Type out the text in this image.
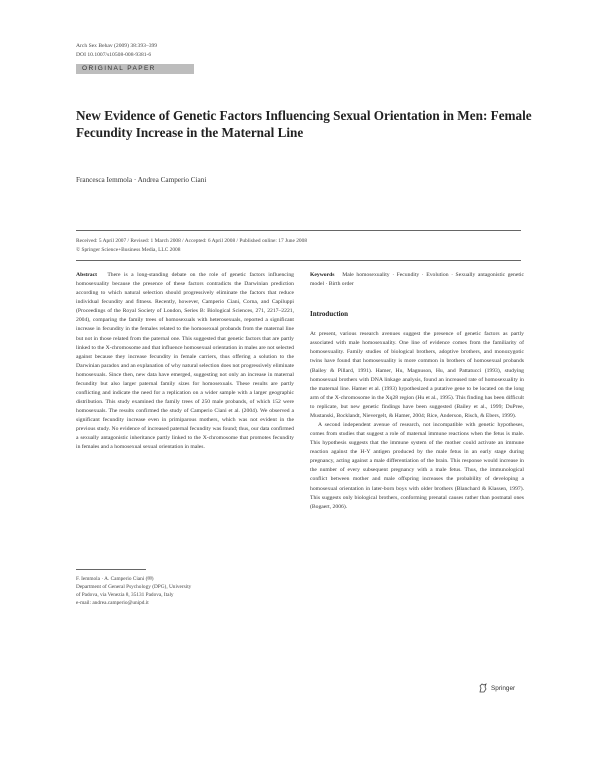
Arch Sex Behav (2009) 38:393–399
DOI 10.1007/s10508-008-9381-6
ORIGINAL PAPER
New Evidence of Genetic Factors Influencing Sexual Orientation in Men: Female Fecundity Increase in the Maternal Line
Francesca Iemmola · Andrea Camperio Ciani
Received: 5 April 2007 / Revised: 1 March 2008 / Accepted: 6 April 2008 / Published online: 17 June 2008
© Springer Science+Business Media, LLC 2008

Abstract There is a long-standing debate on the role of genetic factors influencing homosexuality because the presence of these factors contradicts the Darwinian prediction according to which natural selection should progressively eliminate the factors that reduce individual fecundity and fitness. Recently, however, Camperio Ciani, Corna, and Capiluppi (Proceedings of the Royal Society of London, Series B: Biological Sciences, 271, 2217–2221, 2004), comparing the family trees of homosexuals with heterosexuals, reported a significant increase in fecundity in the females related to the homosexual probands from the maternal line but not in those related from the paternal one. This suggested that genetic factors that are partly linked to the X-chromosome and that influence homosexual orientation in males are not selected against because they increase fecundity in female carriers, thus offering a solution to the Darwinian paradox and an explanation of why natural selection does not progressively eliminate homosexuals. Since then, new data have emerged, suggesting not only an increase in maternal fecundity but also larger paternal family sizes for homosexuals. These results are partly conflicting and indicate the need for a replication on a wider sample with a larger geographic distribution. This study examined the family trees of 250 male probands, of which 152 were homosexuals. The results confirmed the study of Camperio Ciani et al. (2004). We observed a significant fecundity increase even in primiparous mothers, which was not evident in the previous study. No evidence of increased paternal fecundity was found; thus, our data confirmed a sexually antagonistic inheritance partly linked to the X-chromosome that promotes fecundity in females and a homosexual sexual orientation in males.

F. Iemmola · A. Camperio Ciani (✉)
Department of General Psychology (DPG), University
of Padova, via Venezia 8, 35131 Padova, Italy
e-mail: andrea.camperio@unipd.it

Keywords Male homosexuality · Fecundity · Evolution · Sexually antagonistic genetic model · Birth order

Introduction

At present, various research avenues suggest the presence of genetic factors as partly associated with male homosexuality. One line of evidence comes from the familiarity of homosexuality. Family studies of biological brothers, adoptive brothers, and monozygotic twins have found that homosexuality is more common in brothers of homosexual probands (Bailey & Pillard, 1991). Hamer, Hu, Magnuson, Hu, and Pattatucci (1993), studying homosexual brothers with DNA linkage analysis, found an increased rate of homosexuality in the maternal line. Hamer et al. (1993) hypothesized a putative gene to be located on the long arm of the X-chromosome in the Xq28 region (Hu et al., 1995). This finding has been difficult to replicate, but new genetic findings have been suggested (Bailey et al., 1999; DuPree, Mustanski, Bocklandt, Nievergelt, & Hamer, 2004; Rice, Anderson, Risch, & Ebers, 1999).

A second independent avenue of research, not incompatible with genetic hypotheses, comes from studies that suggest a role of maternal immune reactions when the fetus is male. This hypothesis suggests that the immune system of the mother could activate an immune reaction against the H-Y antigen produced by the male fetus in an early stage during pregnancy, acting against a male differentiation of the brain. This response would increase in the number of every subsequent pregnancy with a male fetus. Thus, the immunological conflict between mother and male offspring increases the probability of developing a homosexual orientation in later-born boys with older brothers (Blanchard & Klassen, 1997). This suggests only biological brothers, conforming prenatal causes rather than postnatal ones (Bogaert, 2006).

Springer
